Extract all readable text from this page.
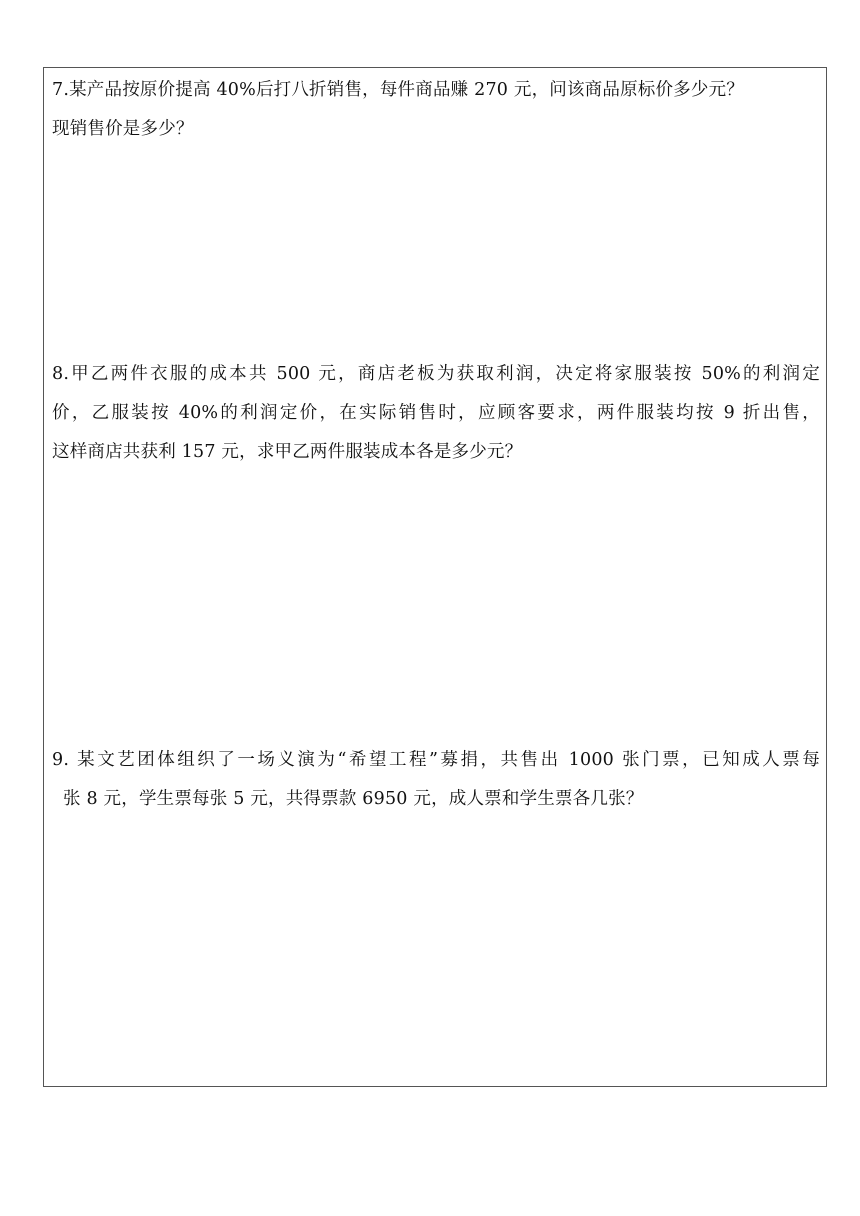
7.某产品按原价提高 40%后打八折销售，每件商品赚 270 元，问该商品原标价多少元？

现销售价是多少？

8.甲乙两件衣服的成本共 500 元，商店老板为获取利润，决定将家服装按 50%的利润定

价，乙服装按 40%的利润定价，在实际销售时，应顾客要求，两件服装均按 9 折出售，

这样商店共获利 157 元，求甲乙两件服装成本各是多少元？

9. 某文艺团体组织了一场义演为“希望工程”募捐，共售出 1000 张门票，已知成人票每

张 8 元，学生票每张 5 元，共得票款 6950 元，成人票和学生票各几张？
